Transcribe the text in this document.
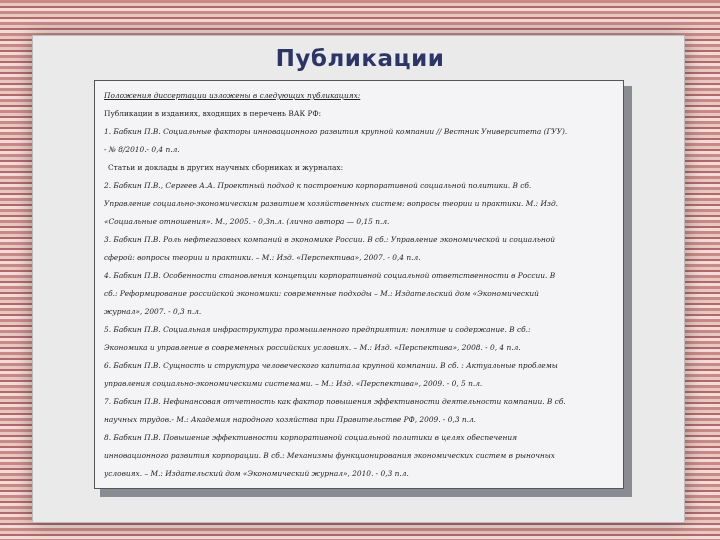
Публикации
Положения диссертации изложены в следующих публикациях:
Публикации в изданиях, входящих в перечень ВАК РФ:
1. Бабкин П.В. Социальные факторы инновационного развития крупной компании // Вестник Университета (ГУУ).
- № 8/2010.- 0,4 п.л.
Статьи и доклады в других научных сборниках и журналах:
2. Бабкин П.В., Сергеев А.А. Проектный подход к построению корпоративной социальной политики. В сб.
Управление социально-экономическим развитием хозяйственных систем: вопросы теории и практики. М.: Изд.
«Социальные отношения». М., 2005. - 0,3п.л. (лично автора — 0,15 п.л.
3. Бабкин П.В. Роль нефтегазовых компаний в экономике России. В сб.: Управление экономической и социальной
сферой: вопросы теории и практики. – М.: Изд. «Перспектива», 2007. - 0,4 п.л.
4. Бабкин П.В. Особенности становления концепции корпоративной социальной ответственности в России. В
сб.: Реформирование российской экономики: современные подходы – М.: Издательский дом «Экономический
журнал», 2007. - 0,3 п.л.
5. Бабкин П.В. Социальная инфраструктура промышленного предприятия: понятие и содержание. В сб.:
Экономика и управление в современных российских условиях. – М.: Изд. «Перспектива», 2008. - 0, 4 п.л.
6. Бабкин П.В. Сущность и структура человеческого капитала крупной компании. В сб. : Актуальные проблемы
управления социально-экономическими системами. – М.: Изд. «Перспектива», 2009. - 0, 5 п.л.
7. Бабкин П.В. Нефинансовая отчетность как фактор повышения эффективности деятельности компании. В сб.
научных трудов.- М.: Академия народного хозяйства при Правительстве РФ, 2009. - 0,3 п.л.
8. Бабкин П.В. Повышение эффективности корпоративной социальной политики в целях обеспечения
инновационного развития корпорации. В сб.: Механизмы функционирования экономических систем в рыночных
условиях. – М.: Издательский дом «Экономический журнал», 2010. - 0,3 п.л.
